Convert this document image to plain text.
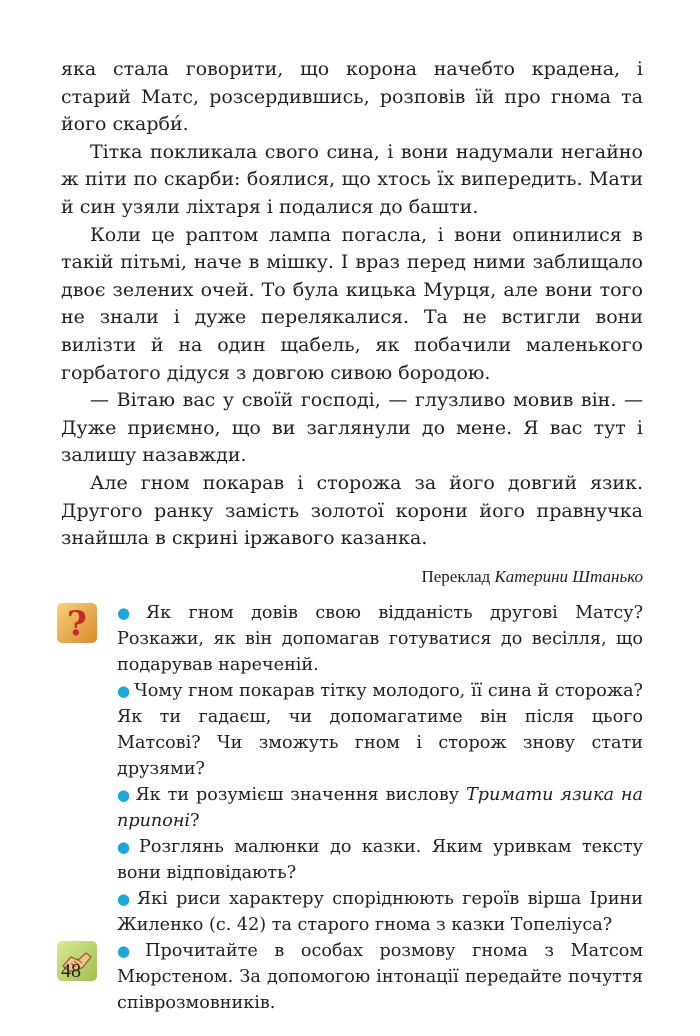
яка стала говорити, що корона начебто крадена, і старий Матс, розсердившись, розповів їй про гнома та його скарби́.

Тітка покликала свого сина, і вони надумали негайно ж піти по скарби: боялися, що хтось їх випередить. Мати й син узяли ліхтаря і подалися до башти.

Коли це раптом лампа погасла, і вони опинилися в такій пітьмі, наче в мішку. І враз перед ними заблищало двоє зелених очей. То була кицька Мурця, але вони того не знали і дуже перелякалися. Та не встигли вони вилізти й на один щабель, як побачили маленького горбатого дідуся з довгою сивою бородою.

— Вітаю вас у своїй господі, — глузливо мовив він. — Дуже приємно, що ви заглянули до мене. Я вас тут і залишу назавжди.

Але гном покарав і сторожа за його довгий язик. Другого ранку замість золотої корони його правнучка знайшла в скрині іржавого казанка.

Переклад Катерини Штанько
? ● Як гном довів свою відданість другові Матсу? Розкажи, як він допомагав готуватися до весілля, що подарував нареченій.

● Чому гном покарав тітку молодого, її сина й сторожа? Як ти гадаєш, чи допомагатиме він після цього Матсові? Чи зможуть гном і сторож знову стати друзями?

● Як ти розумієш значення вислову Тримати язика на припоні?

● Розглянь малюнки до казки. Яким уривкам тексту вони відповідають?

● Які риси характеру споріднюють героїв вірша Ірини Жиленко (с. 42) та старого гнома з казки Топеліуса?

● Прочитайте в особах розмову гнома з Матсом Мюрстеном. За допомогою інтонації передайте почуття співрозмовників.

48
